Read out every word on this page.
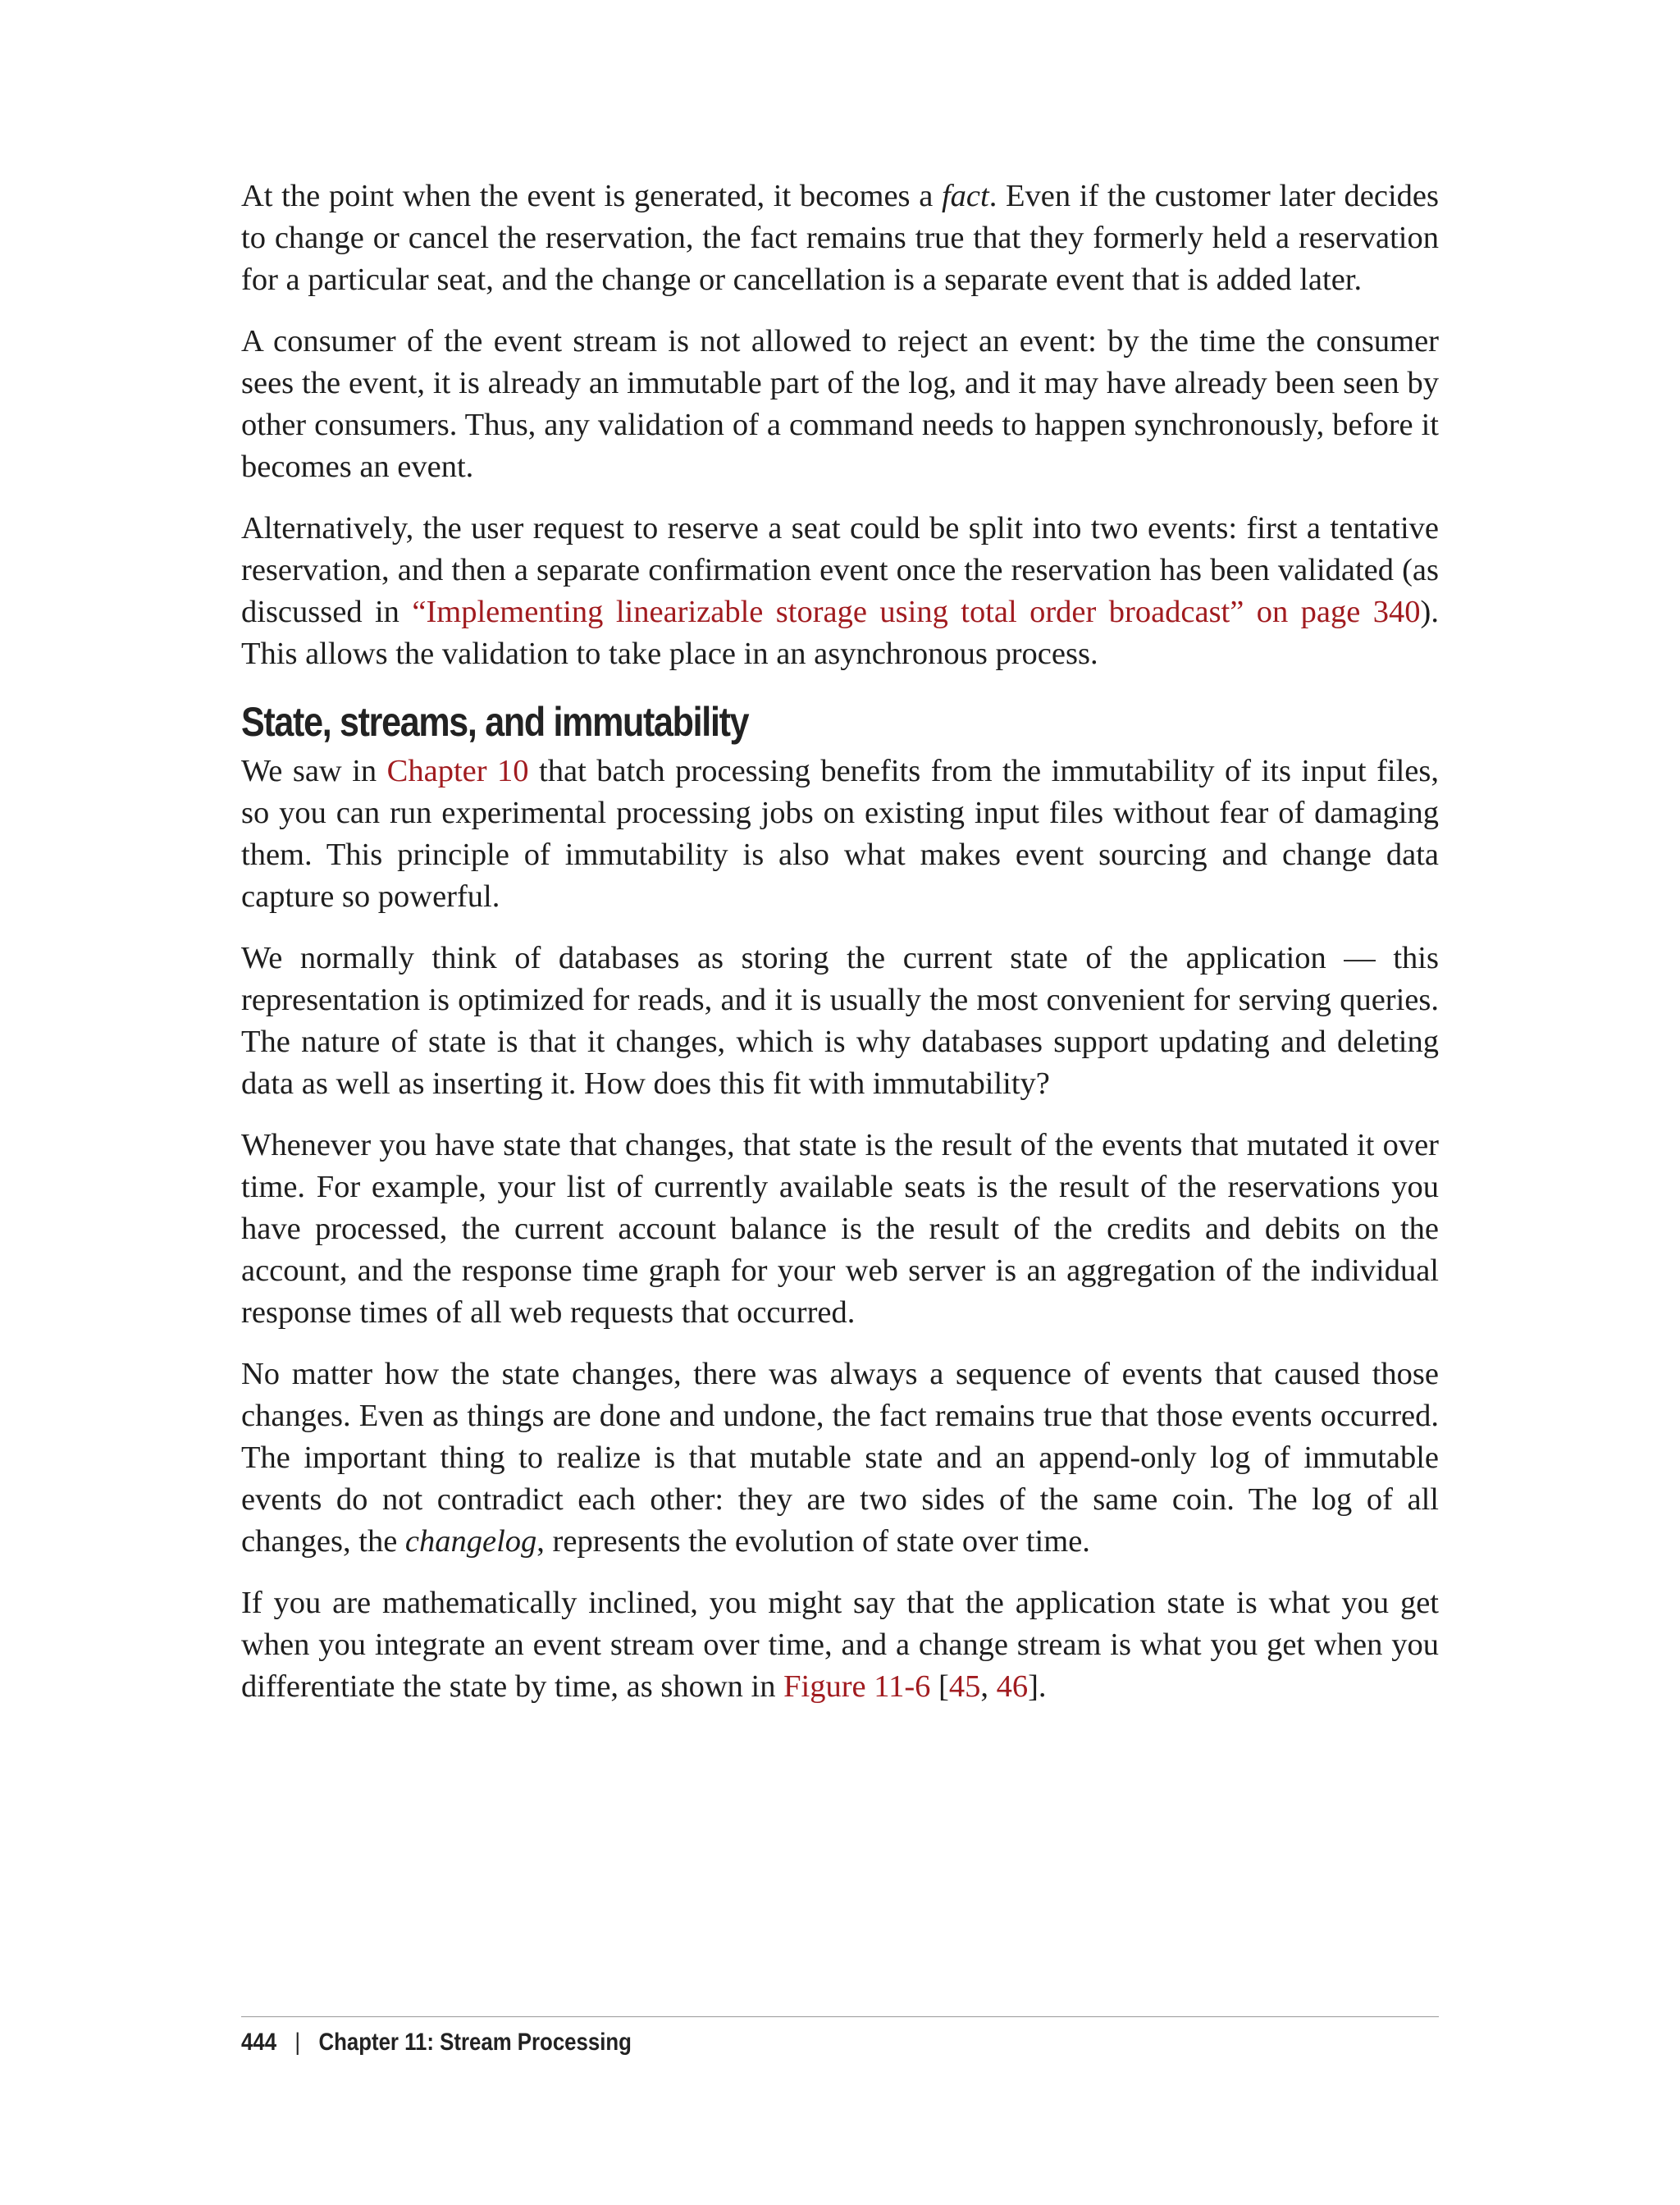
At the point when the event is generated, it becomes a fact. Even if the customer later decides to change or cancel the reservation, the fact remains true that they formerly held a reservation for a particular seat, and the change or cancellation is a separate event that is added later.

A consumer of the event stream is not allowed to reject an event: by the time the consumer sees the event, it is already an immutable part of the log, and it may have already been seen by other consumers. Thus, any validation of a command needs to happen synchronously, before it becomes an event.

Alternatively, the user request to reserve a seat could be split into two events: first a tentative reservation, and then a separate confirmation event once the reservation has been validated (as discussed in “Implementing linearizable storage using total order broadcast” on page 340). This allows the validation to take place in an asynchronous process.

State, streams, and immutability

We saw in Chapter 10 that batch processing benefits from the immutability of its input files, so you can run experimental processing jobs on existing input files without fear of damaging them. This principle of immutability is also what makes event sourcing and change data capture so powerful.

We normally think of databases as storing the current state of the application — this representation is optimized for reads, and it is usually the most convenient for serving queries. The nature of state is that it changes, which is why databases support updating and deleting data as well as inserting it. How does this fit with immutability?

Whenever you have state that changes, that state is the result of the events that mutated it over time. For example, your list of currently available seats is the result of the reservations you have processed, the current account balance is the result of the credits and debits on the account, and the response time graph for your web server is an aggregation of the individual response times of all web requests that occurred.

No matter how the state changes, there was always a sequence of events that caused those changes. Even as things are done and undone, the fact remains true that those events occurred. The important thing to realize is that mutable state and an append-only log of immutable events do not contradict each other: they are two sides of the same coin. The log of all changes, the changelog, represents the evolution of state over time.

If you are mathematically inclined, you might say that the application state is what you get when you integrate an event stream over time, and a change stream is what you get when you differentiate the state by time, as shown in Figure 11-6 [45, 46].

444 | Chapter 11: Stream Processing
